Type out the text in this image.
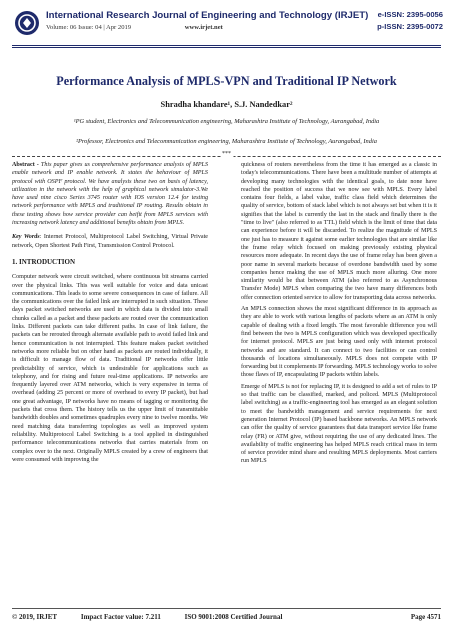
International Research Journal of Engineering and Technology (IRJET)
Volume: 06 Issue: 04 | Apr 2019	www.irjet.net
e-ISSN: 2395-0056
p-ISSN: 2395-0072
Performance Analysis of MPLS-VPN and Traditional IP Network
Shradha khandare¹, S.J. Nandedkar²
¹PG student, Electronics and Telecommunication engineering, Maharashtra Institute of Technology, Aurangabad, India
²Professor, Electronics and Telecommunication engineering, Maharashtra Institute of Technology, Aurangabad, India
***

Abstract - This paper gives us comprehensive performance analysis of MPLS enable network and IP enable network. It states the behaviour of MPLS protocol with OSPF protocol. We have analysis these two on basis of latency, utilization in the network with the help of graphical network simulator-3.We have used nine cisco Series 3745 router with IOS version 12.4 for testing network performance with MPLS and traditional IP routing. Results obtain in these testing shows how service provider can beifit from MPLS services with increasing network latency and additional benefits obtain from MPLS.

Key Words: Internet Protocol, Multiprotocol Label Switching, Virtual Private network, Open Shortest Path First, Transmission Control Protocol.

1. INTRODUCTION

Computer network were circuit switched, where continuous bit streams carried over the physical links. This was well suitable for voice and data unicast communications. This leads to some severe consequences in case of failure. All the communications over the failed link are interrupted in such situation. These days packet switched networks are used in which data is divided into small chunks called as a packet and these packets are routed over the communication links. Different packets can take different paths. In case of link failure, the packets can be rerouted through alternate available path to avoid failed link and hence communication is not interrupted. This feature makes packet switched networks more reliable but on other hand as packets are routed individually, it is difficult to manage flow of data. Traditional IP networks offer little predictability of service, which is undesirable for applications such as telephony, and for rising and future real-time applications. IP networks are frequently layered over ATM networks, which is very expensive in terms of overhead (adding 25 percent or more of overhead to every IP packet), but had one great advantage, IP networks have no means of tagging or monitoring the packets that cross them. The history tells us the upper limit of transmittable bandwidth doubles and sometimes quadruples every nine to twelve months. We need matching data transferring topologies as well as improved system reliability. Multiprotocol Label Switching is a tool applied in distinguished performance telecommunications networks that carries materials from on complex over to the next. Originally MPLS created by a crew of engineers that were consumed with improving the

quickness of routers nevertheless from the time it has emerged as a classic in today's telecommunications. There have been a multitude number of attempts at developing many technologies with the identical goals, to date none have reached the position of success that we now see with MPLS. Every label contains four fields, a label value, traffic class field which determines the quality of service, bottom of stack label which is not always set but when it is it signifies that the label is currently the last in the stack and finally there is the "time to live" (also referred to as TTL) field which is the limit of time that data can experience before it will be discarded. To realize the magnitude of MPLS one just has to measure it against some earlier technologies that are similar like the frame relay which focused on making previously existing physical resources more adequate. In recent days the use of frame relay has been given a poor name in several markets because of overdone bandwidth used by some companies hence making the use of MPLS much more alluring. One more similarity would be that between ATM (also referred to as Asynchronous Transfer Mode) MPLS when comparing the two have many differences both offer connection oriented service to allow for transporting data across networks.

An MPLS connection shows the most significant difference in its approach as they are able to work with various lengths of packets where as an ATM is only capable of dealing with a fixed length. The most favorable difference you will find between the two is MPLS configuration which was developed specifically for internet protocol. MPLS are just being used only with internet protocol networks and are standard. It can connect to two facilities or can control thousands of locations simultaneously. MPLS does not compete with IP forwarding but it complements IP forwarding. MPLS technology works to solve those flaws of IP, encapsulating IP packets within labels.

Emerge of MPLS is not for replacing IP, it is designed to add a set of rules to IP so that traffic can be classified, marked, and policed. MPLS (Multiprotocol label switching) as a traffic-engineering tool has emerged as an elegant solution to meet the bandwidth management and service requirements for next generation Internet Protocol (IP) based backbone networks. An MPLS network can offer the quality of service guarantees that data transport service like frame relay (FR) or ATM give, without requiring the use of any dedicated lines. The availability of traffic engineering has helped MPLS reach critical mass in term of service provider mind share and resulting MPLS deployments. Most carriers run MPLS

© 2019, IRJET	Impact Factor value: 7.211	ISO 9001:2008 Certified Journal	Page 4571
